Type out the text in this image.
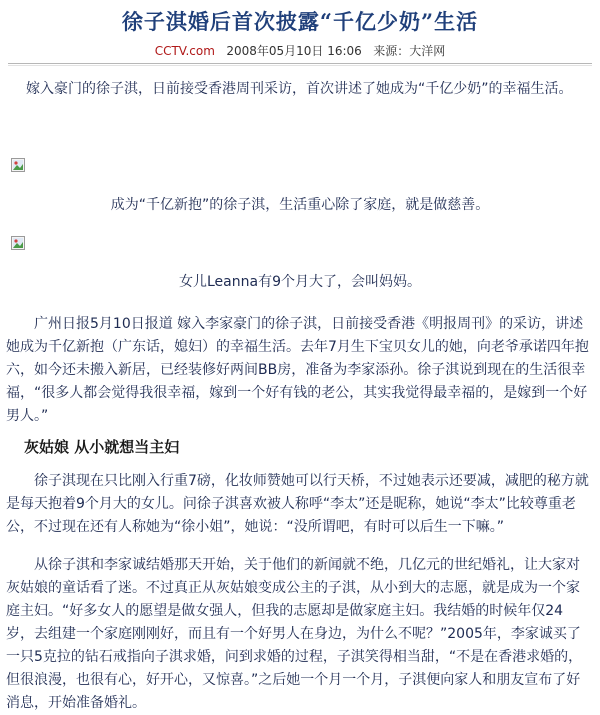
徐子淇婚后首次披露“千亿少奶”生活
CCTV.com 2008年05月10日 16:06 来源：大洋网
嫁入豪门的徐子淇，日前接受香港周刊采访，首次讲述了她成为“千亿少奶”的幸福生活。
成为“千亿新抱”的徐子淇，生活重心除了家庭，就是做慈善。
女儿Leanna有9个月大了，会叫妈妈。
广州日报5月10日报道 嫁入李家豪门的徐子淇，日前接受香港《明报周刊》的采访，讲述她成为千亿新抱（广东话，媳妇）的幸福生活。去年7月生下宝贝女儿的她，向老爷承诺四年抱六，如今还未搬入新居，已经装修好两间BB房，准备为李家添孙。徐子淇说到现在的生活很幸福，“很多人都会觉得我很幸福，嫁到一个好有钱的老公，其实我觉得最幸福的，是嫁到一个好男人。”
灰姑娘 从小就想当主妇
徐子淇现在只比刚入行重7磅，化妆师赞她可以行天桥，不过她表示还要减，减肥的秘方就是每天抱着9个月大的女儿。问徐子淇喜欢被人称呼“李太”还是昵称，她说“李太”比较尊重老公，不过现在还有人称她为“徐小姐”，她说：“没所谓吧，有时可以后生一下嘛。”
从徐子淇和李家诚结婚那天开始，关于他们的新闻就不绝，几亿元的世纪婚礼，让大家对灰姑娘的童话看了迷。不过真正从灰姑娘变成公主的子淇，从小到大的志愿，就是成为一个家庭主妇。“好多女人的愿望是做女强人，但我的志愿却是做家庭主妇。我结婚的时候年仅24岁，去组建一个家庭刚刚好，而且有一个好男人在身边，为什么不呢？”2005年，李家诚买了一只5克拉的钻石戒指向子淇求婚，问到求婚的过程，子淇笑得相当甜，“不是在香港求婚的，但很浪漫，也很有心，好开心，又惊喜。”之后她一个月一个月，子淇便向家人和朋友宣布了好消息，开始准备婚礼。
